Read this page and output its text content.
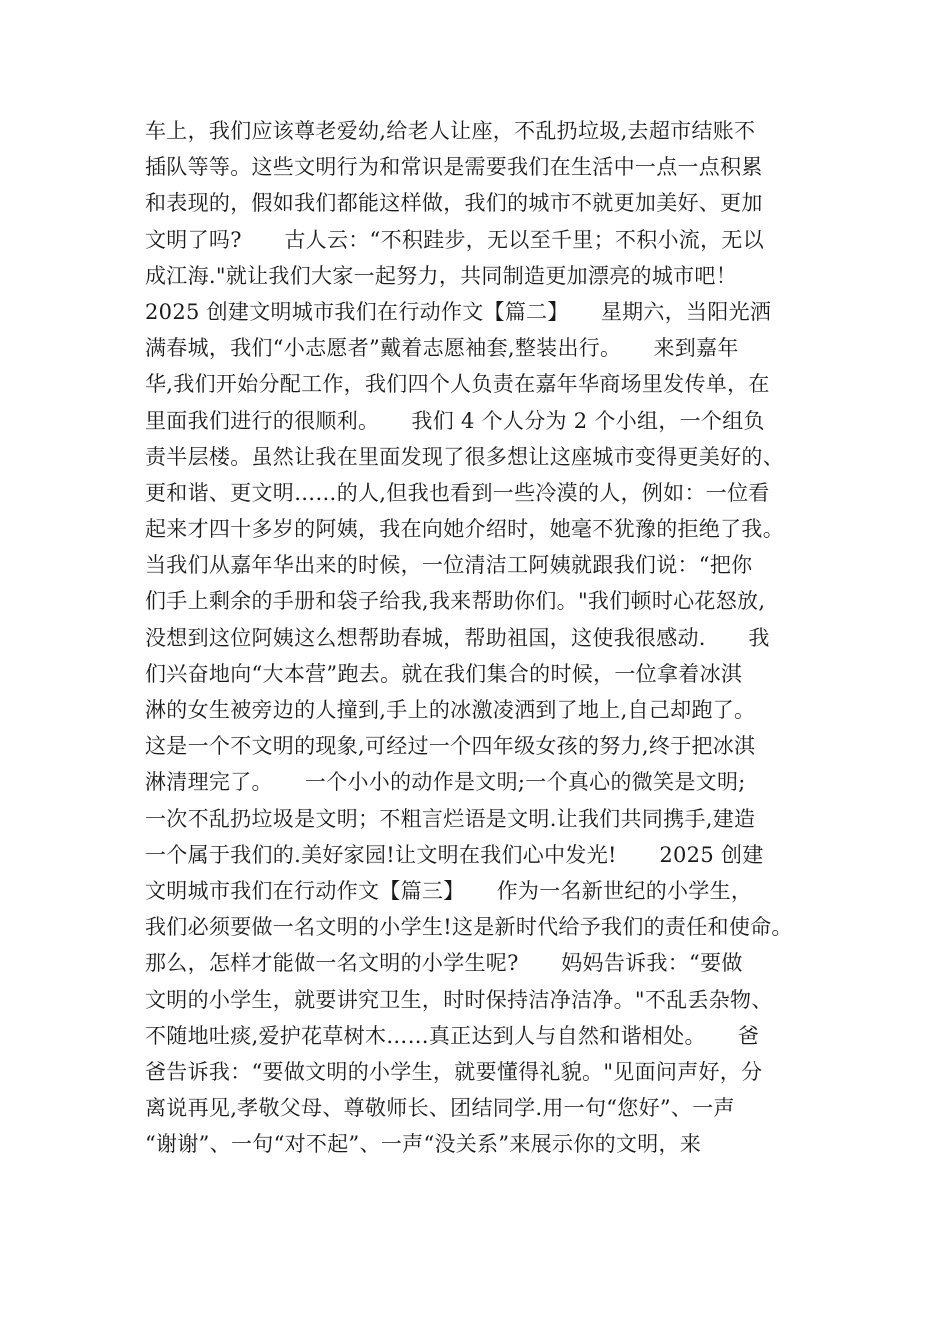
车上，我们应该尊老爱幼,给老人让座，不乱扔垃圾,去超市结账不
插队等等。这些文明行为和常识是需要我们在生活中一点一点积累
和表现的，假如我们都能这样做，我们的城市不就更加美好、更加
文明了吗?　　古人云：“不积跬步，无以至千里；不积小流，无以
成江海."就让我们大家一起努力，共同制造更加漂亮的城市吧！
2025 创建文明城市我们在行动作文【篇二】　　星期六，当阳光洒
满春城，我们“小志愿者”戴着志愿袖套,整装出行。　　来到嘉年
华,我们开始分配工作，我们四个人负责在嘉年华商场里发传单，在
里面我们进行的很顺利。　　我们 4 个人分为 2 个小组，一个组负
责半层楼。虽然让我在里面发现了很多想让这座城市变得更美好的、
更和谐、更文明……的人,但我也看到一些冷漠的人，例如：一位看
起来才四十多岁的阿姨，我在向她介绍时，她毫不犹豫的拒绝了我。
当我们从嘉年华出来的时候，一位清洁工阿姨就跟我们说：“把你
们手上剩余的手册和袋子给我,我来帮助你们。"我们顿时心花怒放,
没想到这位阿姨这么想帮助春城，帮助祖国，这使我很感动.　　我
们兴奋地向“大本营”跑去。就在我们集合的时候，一位拿着冰淇
淋的女生被旁边的人撞到,手上的冰激凌洒到了地上,自己却跑了。
这是一个不文明的现象,可经过一个四年级女孩的努力,终于把冰淇
淋清理完了。　　一个小小的动作是文明;一个真心的微笑是文明;
一次不乱扔垃圾是文明；不粗言烂语是文明.让我们共同携手,建造
一个属于我们的.美好家园!让文明在我们心中发光!　　2025 创建
文明城市我们在行动作文【篇三】　　作为一名新世纪的小学生，
我们必须要做一名文明的小学生!这是新时代给予我们的责任和使命。
那么，怎样才能做一名文明的小学生呢?　　妈妈告诉我：“要做
文明的小学生，就要讲究卫生，时时保持洁净洁净。"不乱丢杂物、
不随地吐痰,爱护花草树木……真正达到人与自然和谐相处。　　爸
爸告诉我：“要做文明的小学生，就要懂得礼貌。"见面问声好，分
离说再见,孝敬父母、尊敬师长、团结同学.用一句“您好”、一声
“谢谢”、一句“对不起”、一声“没关系”来展示你的文明，来
